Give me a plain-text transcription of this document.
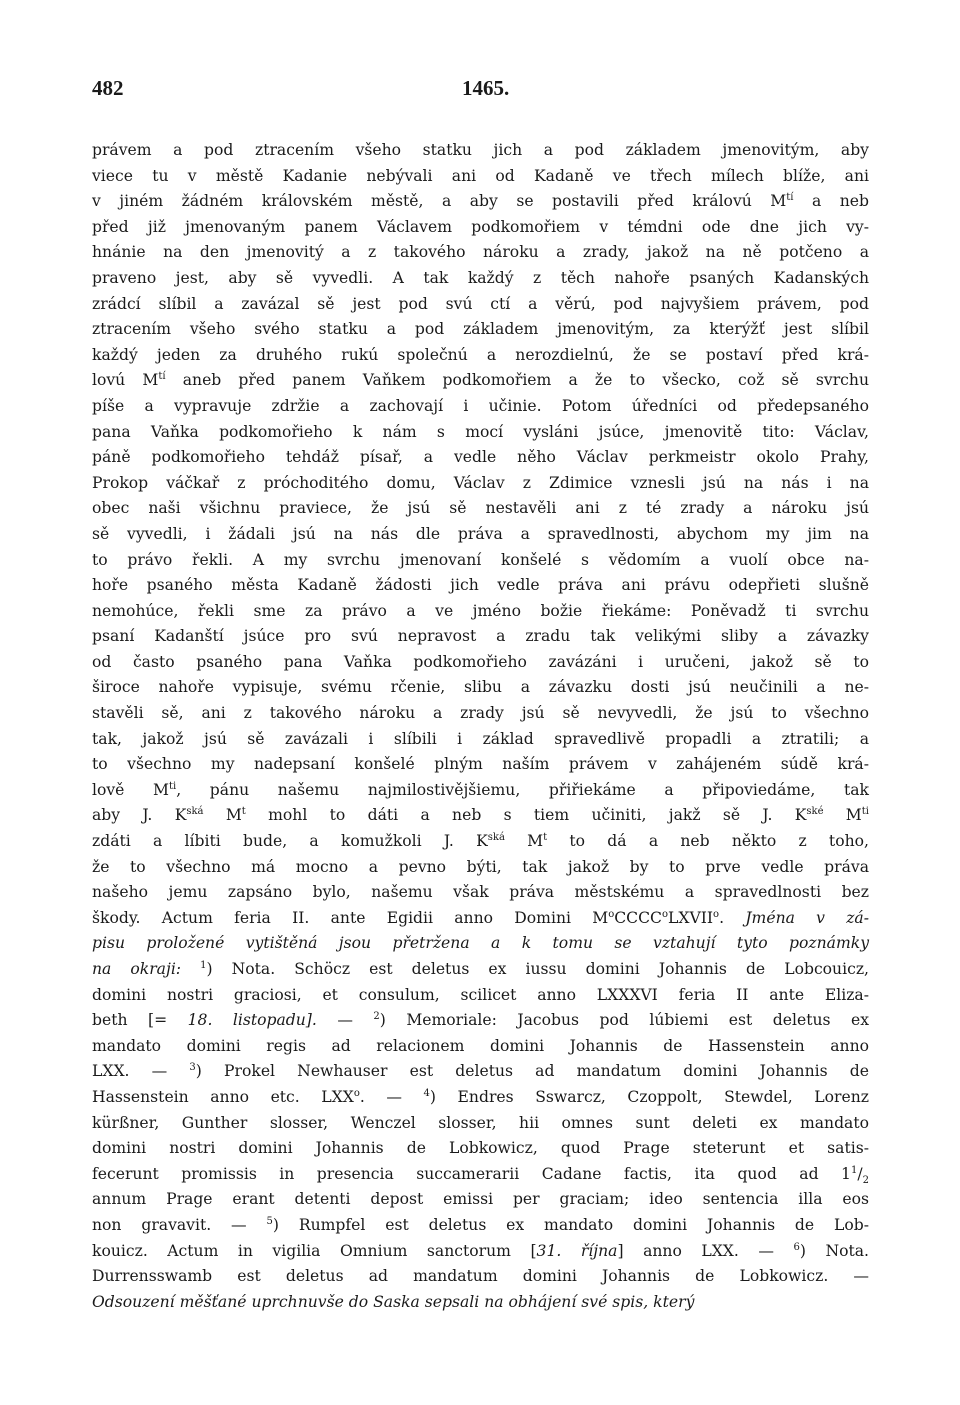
482	1465.
právem a pod ztracením všeho statku jich a pod základem jmenovitým, aby
viece tu v městě Kadanie nebývali ani od Kadaně ve třech mílech blíže, ani
v jiném žádném královském městě, a aby se postavili před královú $M^{tí}$ a neb
před již jmenovaným panem Václavem podkomořiem v témdni ode dne jich vy-
hnánie na den jmenovitý a z takového nároku a zrady, jakož na ně potčeno a
praveno jest, aby sě vyvedli. A tak každý z těch nahoře psaných Kadanských
zrádcí slíbil a zavázal sě jest pod svú ctí a věrú, pod najvyšiem právem, pod
ztracením všeho svého statku a pod základem jmenovitým, za kterýžť jest slíbil
každý jeden za druhého rukú společnú a nerozdielnú, že se postaví před krá-
lovú $M^{tí}$ aneb před panem Vaňkem podkomořiem a že to všecko, což sě svrchu
píše a vypravuje zdržie a zachovají i učinie. Potom úředníci od předepsaného
pana Vaňka podkomořieho k nám s mocí vysláni jsúce, jmenovitě tito: Václav,
páně podkomořieho tehdáž písař, a vedle něho Václav perkmeistr okolo Prahy,
Prokop váčkař z próchoditého domu, Václav z Zdimice vznesli jsú na nás i na
obec naši všichnu praviece, že jsú sě nestavěli ani z té zrady a nároku jsú
sě vyvedli, i žádali jsú na nás dle práva a spravedlnosti, abychom my jim na
to právo řekli. A my svrchu jmenovaní konšelé s vědomím a vuolí obce na-
hoře psaného města Kadaně žádosti jich vedle práva ani právu odepřieti slušně
nemohúce, řekli sme za právo a ve jméno božie řiekáme: Poněvadž ti svrchu
psaní Kadanští jsúce pro svú nepravost a zradu tak velikými sliby a závazky
od často psaného pana Vaňka podkomořieho zavázáni i uručeni, jakož sě to
široce nahoře vypisuje, svému rčenie, slibu a závazku dosti jsú neučinili a ne-
stavěli sě, ani z takového nároku a zrady jsú sě nevyvedli, že jsú to všechno
tak, jakož jsú sě zavázali i slíbili i základ spravedlivě propadli a ztratili; a
to všechno my nadepsaní konšelé plným naším právem v zahájeném súdě krá-
lově $M^{ti}$, pánu našemu najmilostivějšiemu, přiřiekáme a připoviedáme, tak
aby J. $K^{ská}$ $M^t$ mohl to dáti a neb s tiem učiniti, jakž sě J. $K^{ské}$ $M^{ti}$
zdáti a líbiti bude, a komužkoli J. $K^{ská}$ $M^t$ to dá a neb někto z toho,
že to všechno má mocno a pevno býti, tak jakož by to prve vedle práva
našeho jemu zapsáno bylo, našemu však práva městskému a spravedlnosti bez
škody. Actum feria II. ante Egidii anno Domini $M^oCCCC^oLXVII^o$. Jména v zá-
pisu proložené vytištěná jsou přetržena a k tomu se vztahují tyto poznámky
na okraji: $^1$) Nota. Schöcz est deletus ex iussu domini Johannis de Lobcouicz,
domini nostri graciosi, et consulum, scilicet anno LXXXVI feria II ante Eliza-
beth [= 18. listopadu]. — $^2$) Memoriale: Jacobus pod lúbiemi est deletus ex
mandato domini regis ad relacionem domini Johannis de Hassenstein anno
LXX. — $^3$) Prokel Newhauser est deletus ad mandatum domini Johannis de
Hassenstein anno etc. LXX$^o$. — $^4$) Endres Sswarcz, Czoppolt, Stewdel, Lorenz
kürßner, Gunther slosser, Wenczel slosser, hii omnes sunt deleti ex mandato
domini nostri domini Johannis de Lobkowicz, quod Prage steterunt et satis-
fecerunt promissis in presencia succamerarii Cadane factis, ita quod ad $1^1/_2$
annum Prage erant detenti depost emissi per graciam; ideo sentencia illa eos
non gravavit. — $^5$) Rumpfel est deletus ex mandato domini Johannis de Lob-
kouicz. Actum in vigilia Omnium sanctorum [31. října] anno LXX. — $^6$) Nota.
Durrensswamb est deletus ad mandatum domini Johannis de Lobkowicz. —
Odsouzení měšťané uprchnuvše do Saska sepsali na obhájení své spis, který
